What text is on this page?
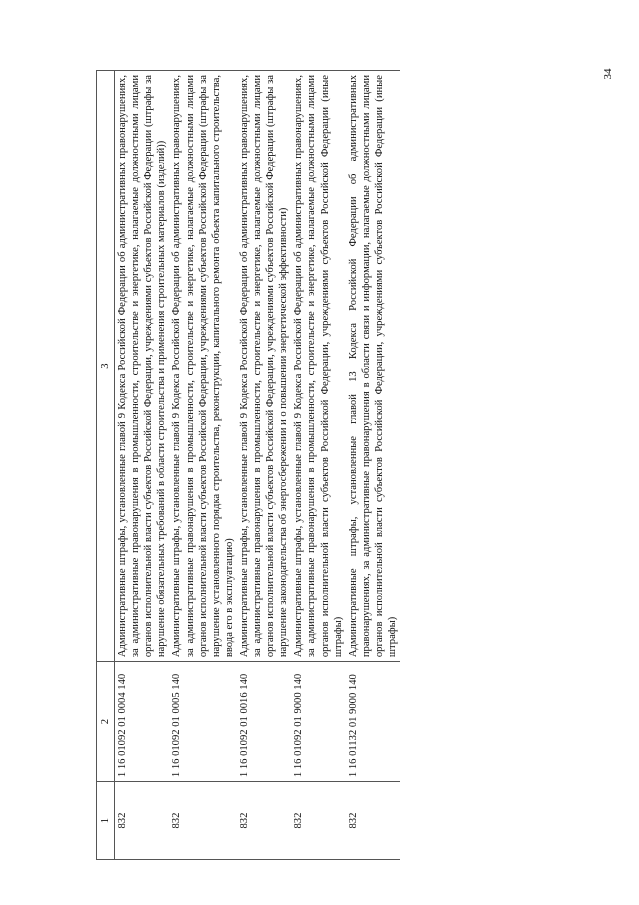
34
1	2	3
832	1 16 01092 01 0004 140	Административные штрафы, установленные главой 9 Кодекса Российской Федерации об административных правонарушениях, за административные правонарушения в промышленности, строительстве и энергетике, налагаемые должностными лицами органов исполнительной власти субъектов Российской Федерации, учреждениями субъектов Российской Федерации (штрафы за нарушение обязательных требований в области строительства и применения строительных материалов (изделий))
832	1 16 01092 01 0005 140	Административные штрафы, установленные главой 9 Кодекса Российской Федерации об административных правонарушениях, за административные правонарушения в промышленности, строительстве и энергетике, налагаемые должностными лицами органов исполнительной власти субъектов Российской Федерации, учреждениями субъектов Российской Федерации (штрафы за нарушение установленного порядка строительства, реконструкции, капитального ремонта объекта капитального строительства, ввода его в эксплуатацию)
832	1 16 01092 01 0016 140	Административные штрафы, установленные главой 9 Кодекса Российской Федерации об административных правонарушениях, за административные правонарушения в промышленности, строительстве и энергетике, налагаемые должностными лицами органов исполнительной власти субъектов Российской Федерации, учреждениями субъектов Российской Федерации (штрафы за нарушение законодательства об энергосбережении и о повышении энергетической эффективности)
832	1 16 01092 01 9000 140	Административные штрафы, установленные главой 9 Кодекса Российской Федерации об административных правонарушениях, за административные правонарушения в промышленности, строительстве и энергетике, налагаемые должностными лицами органов исполнительной власти субъектов Российской Федерации, учреждениями субъектов Российской Федерации (иные штрафы)
832	1 16 01132 01 9000 140	Административные штрафы, установленные главой 13 Кодекса Российской Федерации об административных правонарушениях, за административные правонарушения в области связи и информации, налагаемые должностными лицами органов исполнительной власти субъектов Российской Федерации, учреждениями субъектов Российской Федерации (иные штрафы)
